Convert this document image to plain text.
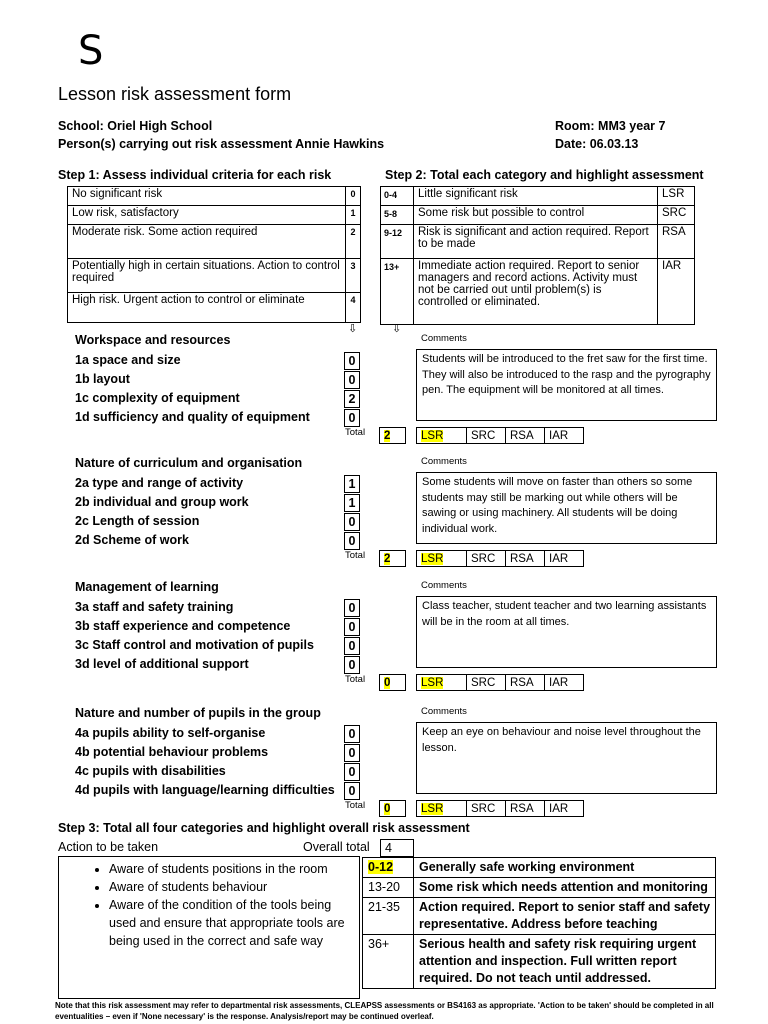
S
Lesson risk assessment form
School: Oriel High School
Person(s) carrying out risk assessment Annie Hawkins
Room: MM3 year 7
Date: 06.03.13
Step 1: Assess individual criteria for each risk
No significant risk	0
Low risk, satisfactory	1
Moderate risk. Some action required	2
Potentially high in certain situations. Action to control required	3
High risk. Urgent action to control or eliminate	4
Step 2: Total each category and highlight assessment
0-4	Little significant risk	LSR
5-8	Some risk but possible to control	SRC
9-12	Risk is significant and action required. Report to be made	RSA
13+	Immediate action required. Report to senior managers and record actions. Activity must not be carried out until problem(s) is controlled or eliminated.	IAR
⇩	⇩
Workspace and resources
1a space and size	0
1b layout	0
1c complexity of equipment	2
1d sufficiency and quality of equipment	0
Comments
Students will be introduced to the fret saw for the first time. They will also be introduced to the rasp and the pyrography pen. The equipment will be monitored at all times.
Total	2	LSR	SRC	RSA	IAR
Nature of curriculum and organisation
2a type and range of activity	1
2b individual and group work	1
2c Length of session	0
2d Scheme of work	0
Comments
Some students will move on faster than others so some students may still be marking out while others will be sawing or using machinery. All students will be doing individual work.
Total	2	LSR	SRC	RSA	IAR
Management of learning
3a staff and safety training	0
3b staff experience and competence	0
3c Staff control and motivation of pupils	0
3d level of additional support	0
Comments
Class teacher, student teacher and two learning assistants will be in the room at all times.
Total	0	LSR	SRC	RSA	IAR
Nature and number of pupils in the group
4a pupils ability to self-organise	0
4b potential behaviour problems	0
4c pupils with disabilities	0
4d pupils with language/learning difficulties	0
Comments
Keep an eye on behaviour and noise level throughout the lesson.
Total	0	LSR	SRC	RSA	IAR
Step 3: Total all four categories and highlight overall risk assessment
Action to be taken	Overall total	4
• Aware of students positions in the room
• Aware of students behaviour
• Aware of the condition of the tools being used and ensure that appropriate tools are being used in the correct and safe way
0-12	Generally safe working environment
13-20	Some risk which needs attention and monitoring
21-35	Action required. Report to senior staff and safety representative. Address before teaching
36+	Serious health and safety risk requiring urgent attention and inspection. Full written report required. Do not teach until addressed.
Note that this risk assessment may refer to departmental risk assessments, CLEAPSS assessments or BS4163 as appropriate. 'Action to be taken' should be completed in all eventualities – even if 'None necessary' is the response. Analysis/report may be continued overleaf.
